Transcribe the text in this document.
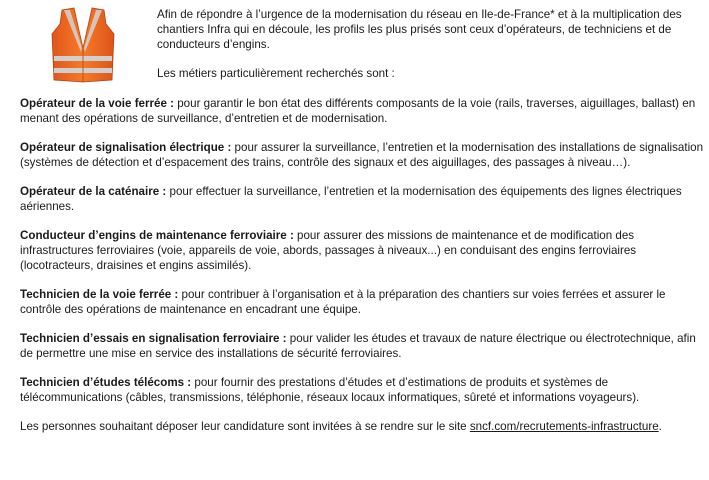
Afin de répondre à l’urgence de la modernisation du réseau en Ile-de-France* et à la multiplication des chantiers Infra qui en découle, les profils les plus prisés sont ceux d’opérateurs, de techniciens et de conducteurs d’engins.

Les métiers particulièrement recherchés sont :

Opérateur de la voie ferrée : pour garantir le bon état des différents composants de la voie (rails, traverses, aiguillages, ballast) en menant des opérations de surveillance, d’entretien et de modernisation.

Opérateur de signalisation électrique : pour assurer la surveillance, l’entretien et la modernisation des installations de signalisation (systèmes de détection et d’espacement des trains, contrôle des signaux et des aiguillages, des passages à niveau…).

Opérateur de la caténaire : pour effectuer la surveillance, l’entretien et la modernisation des équipements des lignes électriques aériennes.

Conducteur d’engins de maintenance ferroviaire : pour assurer des missions de maintenance et de modification des infrastructures ferroviaires (voie, appareils de voie, abords, passages à niveaux...) en conduisant des engins ferroviaires (locotracteurs, draisines et engins assimilés).

Technicien de la voie ferrée : pour contribuer à l’organisation et à la préparation des chantiers sur voies ferrées et assurer le contrôle des opérations de maintenance en encadrant une équipe.

Technicien d’essais en signalisation ferroviaire : pour valider les études et travaux de nature électrique ou électrotechnique, afin de permettre une mise en service des installations de sécurité ferroviaires.

Technicien d’études télécoms : pour fournir des prestations d’études et d’estimations de produits et systèmes de télécommunications (câbles, transmissions, téléphonie, réseaux locaux informatiques, sûreté et informations voyageurs).

Les personnes souhaitant déposer leur candidature sont invitées à se rendre sur le site sncf.com/recrutements-infrastructure.
